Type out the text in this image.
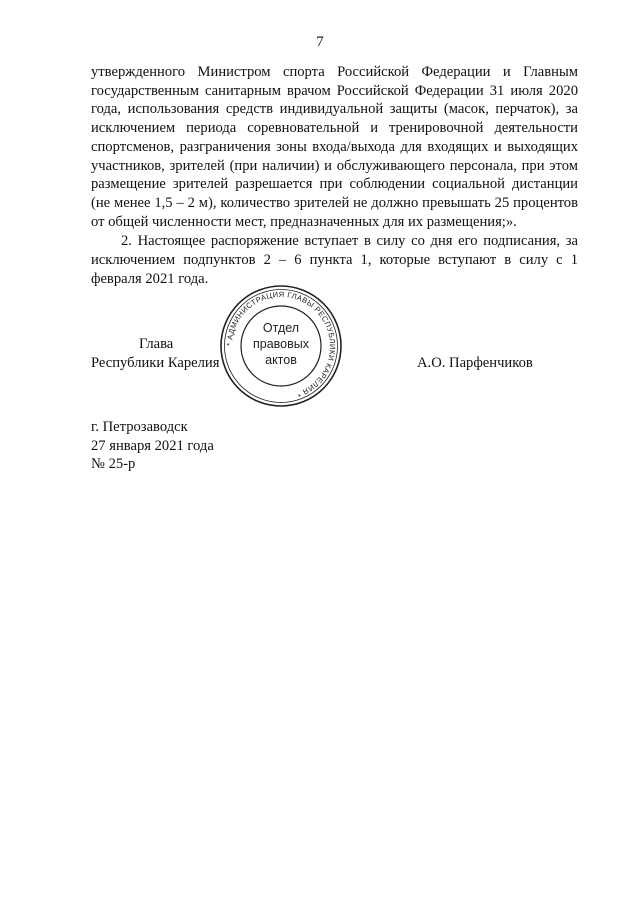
7

утвержденного Министром спорта Российской Федерации и Главным государственным санитарным врачом Российской Федерации 31 июля 2020 года, использования средств индивидуальной защиты (масок, перчаток), за исключением периода соревновательной и тренировочной деятельности спортсменов, разграничения зоны входа/выхода для входящих и выходящих участников, зрителей (при наличии) и обслуживающего персонала, при этом размещение зрителей разрешается при соблюдении социальной дистанции (не менее 1,5 – 2 м), количество зрителей не должно превышать 25 процентов от общей численности мест, предназначенных для их размещения;».

2. Настоящее распоряжение вступает в силу со дня его подписания, за исключением подпунктов 2 – 6 пункта 1, которые вступают в силу с 1 февраля 2021 года.

Глава
Республики Карелия
* АДМИНИСТРАЦИЯ ГЛАВЫ РЕСПУБЛИКИ КАРЕЛИЯ *
Отдел
правовых
актов	А.О. Парфенчиков
г. Петрозаводск
27 января 2021 года
№ 25-р
